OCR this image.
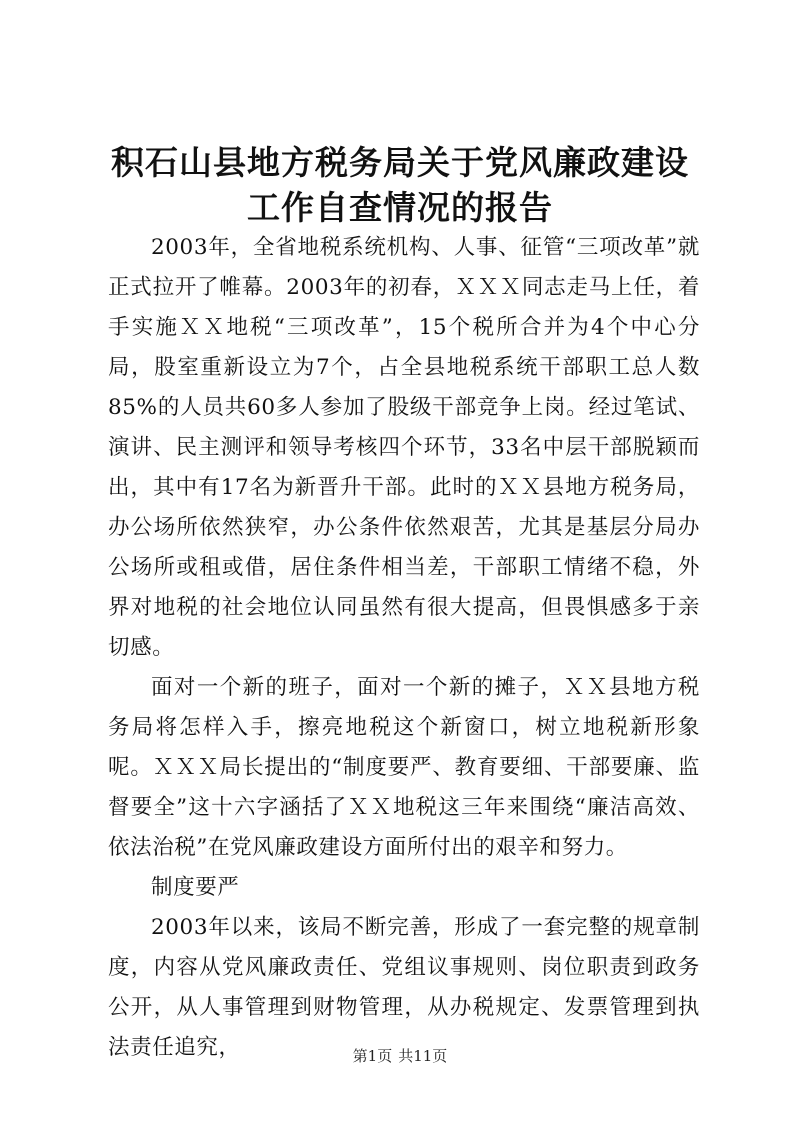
积石山县地方税务局关于党风廉政建设工作自查情况的报告

2003年，全省地税系统机构、人事、征管“三项改革”就正式拉开了帷幕。2003年的初春，ＸＸＸ同志走马上任，着手实施ＸＸ地税“三项改革”，15个税所合并为4个中心分局，股室重新设立为7个，占全县地税系统干部职工总人数85%的人员共60多人参加了股级干部竞争上岗。经过笔试、演讲、民主测评和领导考核四个环节，33名中层干部脱颖而出，其中有17名为新晋升干部。此时的ＸＸ县地方税务局，办公场所依然狭窄，办公条件依然艰苦，尤其是基层分局办公场所或租或借，居住条件相当差，干部职工情绪不稳，外界对地税的社会地位认同虽然有很大提高，但畏惧感多于亲切感。

面对一个新的班子，面对一个新的摊子，ＸＸ县地方税务局将怎样入手，擦亮地税这个新窗口，树立地税新形象呢。ＸＸＸ局长提出的“制度要严、教育要细、干部要廉、监督要全”这十六字涵括了ＸＸ地税这三年来围绕“廉洁高效、依法治税”在党风廉政建设方面所付出的艰辛和努力。

制度要严

2003年以来，该局不断完善，形成了一套完整的规章制度，内容从党风廉政责任、党组议事规则、岗位职责到政务公开，从人事管理到财物管理，从办税规定、发票管理到执法责任追究，	第1页 共11页
